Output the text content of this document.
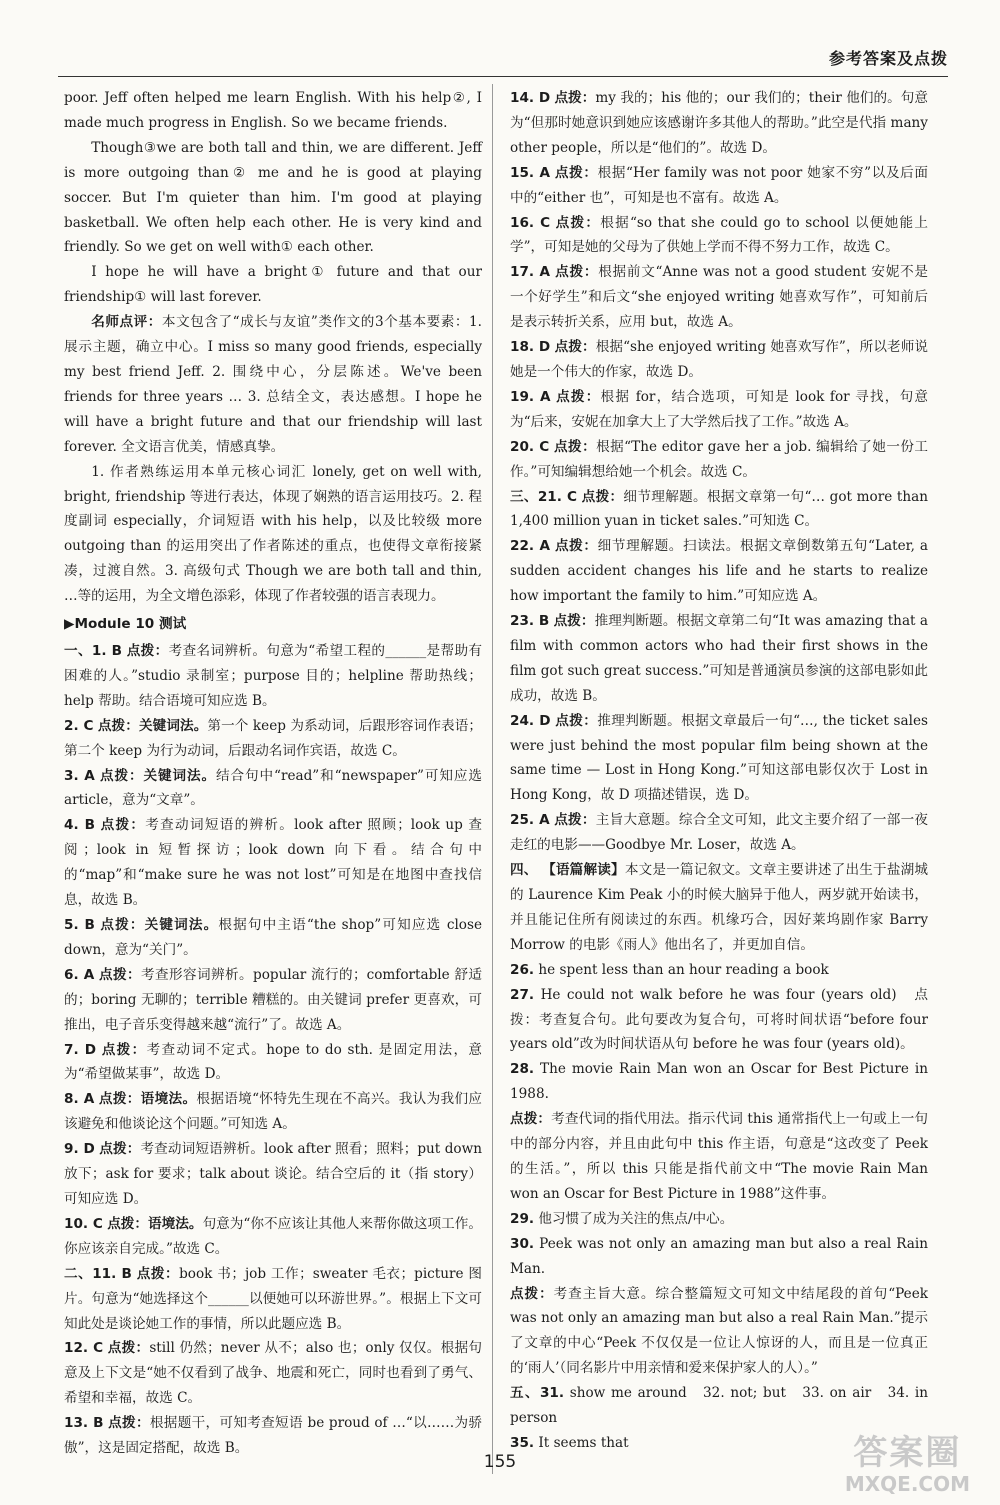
参考答案及点拨

poor. Jeff often helped me learn English. With his help②, I made much progress in English. So we became friends.

Though③we are both tall and thin, we are different. Jeff is more outgoing than② me and he is good at playing soccer. But I'm quieter than him. I'm good at playing basketball. We often help each other. He is very kind and friendly. So we get on well with① each other.

I hope he will have a bright① future and that our friendship① will last forever.

名师点评：本文包含了“成长与友谊”类作文的3个基本要素：1. 展示主题，确立中心。I miss so many good friends, especially my best friend Jeff. 2. 围绕中心，分层陈述。We've been friends for three years … 3. 总结全文，表达感想。I hope he will have a bright future and that our friendship will last forever. 全文语言优美，情感真挚。

1. 作者熟练运用本单元核心词汇 lonely, get on well with, bright, friendship 等进行表达，体现了娴熟的语言运用技巧。2. 程度副词 especially，介词短语 with his help，以及比较级 more outgoing than 的运用突出了作者陈述的重点，也使得文章衔接紧凑，过渡自然。3. 高级句式 Though we are both tall and thin, …等的运用，为全文增色添彩，体现了作者较强的语言表现力。

▶Module 10 测试

一、1. B 点拨：考查名词辨析。句意为“希望工程的______是帮助有困难的人。”studio 录制室；purpose 目的；helpline 帮助热线；help 帮助。结合语境可知应选 B。

2. C 点拨：关键词法。第一个 keep 为系动词，后跟形容词作表语；第二个 keep 为行为动词，后跟动名词作宾语，故选 C。

3. A 点拨：关键词法。结合句中“read”和“newspaper”可知应选 article，意为“文章”。

4. B 点拨：考查动词短语的辨析。look after 照顾；look up 查阅；look in 短暂探访；look down 向下看。结合句中的“map”和“make sure he was not lost”可知是在地图中查找信息，故选 B。

5. B 点拨：关键词法。根据句中主语“the shop”可知应选 close down，意为“关门”。

6. A 点拨：考查形容词辨析。popular 流行的；comfortable 舒适的；boring 无聊的；terrible 糟糕的。由关键词 prefer 更喜欢，可推出，电子音乐变得越来越“流行”了。故选 A。

7. D 点拨：考查动词不定式。hope to do sth. 是固定用法，意为“希望做某事”，故选 D。

8. A 点拨：语境法。根据语境“怀特先生现在不高兴。我认为我们应该避免和他谈论这个问题。”可知选 A。

9. D 点拨：考查动词短语辨析。look after 照看；照料；put down 放下；ask for 要求；talk about 谈论。结合空后的 it（指 story）可知应选 D。

10. C 点拨：语境法。句意为“你不应该让其他人来帮你做这项工作。你应该亲自完成。”故选 C。

二、11. B 点拨：book 书；job 工作；sweater 毛衣；picture 图片。句意为“她选择这个______以便她可以环游世界。”。根据上下文可知此处是谈论她工作的事情，所以此题应选 B。

12. C 点拨：still 仍然；never 从不；also 也；only 仅仅。根据句意及上下文是“她不仅看到了战争、地震和死亡，同时也看到了勇气、希望和幸福，故选 C。

13. B 点拨：根据题干，可知考查短语 be proud of …“以……为骄傲”，这是固定搭配，故选 B。

14. D 点拨：my 我的；his 他的；our 我们的；their 他们的。句意为“但那时她意识到她应该感谢许多其他人的帮助。”此空是代指 many other people，所以是“他们的”。故选 D。

15. A 点拨：根据“Her family was not poor 她家不穷”以及后面中的“either 也”，可知是也不富有。故选 A。

16. C 点拨：根据“so that she could go to school 以便她能上学”，可知是她的父母为了供她上学而不得不努力工作，故选 C。

17. A 点拨：根据前文“Anne was not a good student 安妮不是一个好学生”和后文“she enjoyed writing 她喜欢写作”，可知前后是表示转折关系，应用 but，故选 A。

18. D 点拨：根据“she enjoyed writing 她喜欢写作”，所以老师说她是一个伟大的作家，故选 D。

19. A 点拨：根据 for，结合选项，可知是 look for 寻找，句意为“后来，安妮在加拿大上了大学然后找了工作。”故选 A。

20. C 点拨：根据“The editor gave her a job. 编辑给了她一份工作。”可知编辑想给她一个机会。故选 C。

三、21. C 点拨：细节理解题。根据文章第一句“… got more than 1,400 million yuan in ticket sales.”可知选 C。

22. A 点拨：细节理解题。扫读法。根据文章倒数第五句“Later, a sudden accident changes his life and he starts to realize how important the family to him.”可知应选 A。

23. B 点拨：推理判断题。根据文章第二句“It was amazing that a film with common actors who had their first shows in the film got such great success.”可知是普通演员参演的这部电影如此成功，故选 B。

24. D 点拨：推理判断题。根据文章最后一句“…, the ticket sales were just behind the most popular film being shown at the same time — Lost in Hong Kong.”可知这部电影仅次于 Lost in Hong Kong，故 D 项描述错误，选 D。

25. A 点拨：主旨大意题。综合全文可知，此文主要介绍了一部一夜走红的电影——Goodbye Mr. Loser，故选 A。

四、 【语篇解读】本文是一篇记叙文。文章主要讲述了出生于盐湖城的 Laurence Kim Peak 小的时候大脑异于他人，两岁就开始读书，并且能记住所有阅读过的东西。机缘巧合，因好莱坞剧作家 Barry Morrow 的电影《雨人》他出名了，并更加自信。

26. he spent less than an hour reading a book

27. He could not walk before he was four (years old)　点拨：考查复合句。此句要改为复合句，可将时间状语“before four years old”改为时间状语从句 before he was four (years old)。

28. The movie Rain Man won an Oscar for Best Picture in 1988.

点拨：考查代词的指代用法。指示代词 this 通常指代上一句或上一句中的部分内容，并且由此句中 this 作主语，句意是“这改变了 Peek 的生活。”，所以 this 只能是指代前文中“The movie Rain Man won an Oscar for Best Picture in 1988”这件事。

29. 他习惯了成为关注的焦点/中心。

30. Peek was not only an amazing man but also a real Rain Man.

点拨：考查主旨大意。综合整篇短文可知文中结尾段的首句“Peek was not only an amazing man but also a real Rain Man.”提示了文章的中心“Peek 不仅仅是一位让人惊讶的人，而且是一位真正的‘雨人’（同名影片中用亲情和爱来保护家人的人）。”

五、31. show me around　32. not; but　33. on air　34. in person

35. It seems that

155	答案圈
MXQE.COM
